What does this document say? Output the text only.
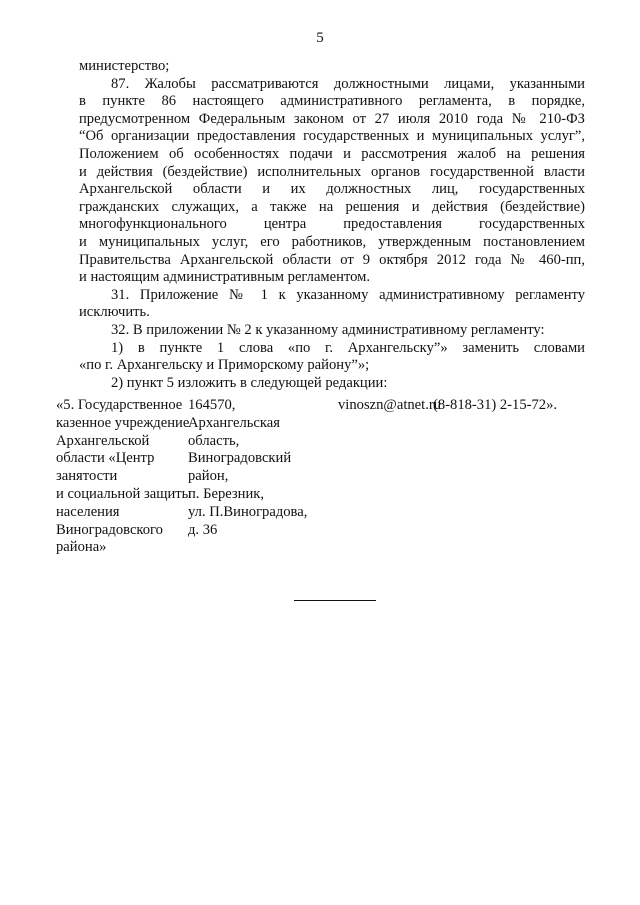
5
министерство;
87. Жалобы рассматриваются должностными лицами, указанными
в пункте 86 настоящего административного регламента, в порядке,
предусмотренном Федеральным законом от 27 июля 2010 года № 210-ФЗ
“Об организации предоставления государственных и муниципальных услуг”,
Положением об особенностях подачи и рассмотрения жалоб на решения
и действия (бездействие) исполнительных органов государственной власти
Архангельской области и их должностных лиц, государственных
гражданских служащих, а также на решения и действия (бездействие)
многофункционального центра предоставления государственных
и муниципальных услуг, его работников, утвержденным постановлением
Правительства Архангельской области от 9 октября 2012 года № 460-пп,
и настоящим административным регламентом.
31. Приложение № 1 к указанному административному регламенту
исключить.
32. В приложении № 2 к указанному административному регламенту:
1) в пункте 1 слова «по г. Архангельску”» заменить словами
«по г. Архангельску и Приморскому району”»;
2) пункт 5 изложить в следующей редакции:
«5. Государственное
казенное учреждение
Архангельской
области «Центр
занятости
и социальной защиты
населения
Виноградовского
района»
164570,
Архангельская
область,
Виноградовский
район,
п. Березник,
ул. П.Виноградова,
д. 36
vinoszn@atnet.ru
(8-818-31) 2-15-72».
